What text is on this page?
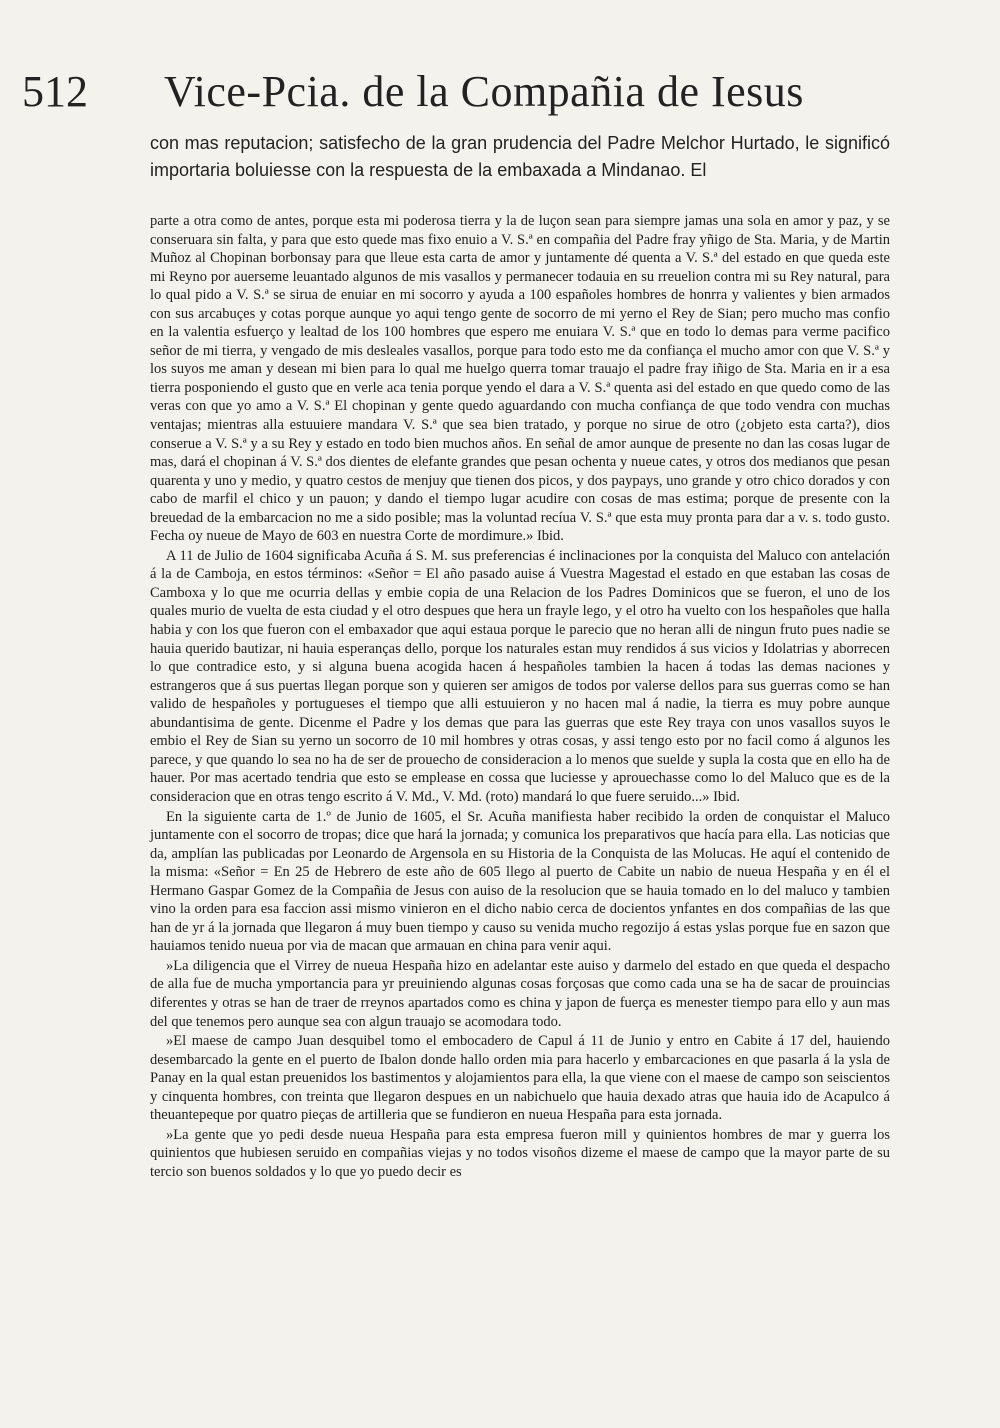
512 Vice-Pcia. de la Compañia de Iesus

con mas reputacion; satisfecho de la gran prudencia del Padre Melchor Hurtado, le significó importaria boluiesse con la respuesta de la embaxada a Mindanao. El

parte a otra como de antes, porque esta mi poderosa tierra y la de luçon sean para siempre jamas una sola en amor y paz, y se conseruara sin falta, y para que esto quede mas fixo enuio a V. S.ª en compañia del Padre fray yñigo de Sta. Maria, y de Martin Muñoz al Chopinan borbonsay para que lleue esta carta de amor y juntamente dé quenta a V. S.ª del estado en que queda este mi Reyno por auerseme leuantado algunos de mis vasallos y permanecer todauia en su rreuelion contra mi su Rey natural, para lo qual pido a V. S.ª se sirua de enuiar en mi socorro y ayuda a 100 españoles hombres de honrra y valientes y bien armados con sus arcabuçes y cotas porque aunque yo aqui tengo gente de socorro de mi yerno el Rey de Sian; pero mucho mas confio en la valentia esfuerço y lealtad de los 100 hombres que espero me enuiara V. S.ª que en todo lo demas para verme pacifico señor de mi tierra, y vengado de mis desleales vasallos, porque para todo esto me da confiança el mucho amor con que V. S.ª y los suyos me aman y desean mi bien para lo qual me huelgo querra tomar trauajo el padre fray iñigo de Sta. Maria en ir a esa tierra posponiendo el gusto que en verle aca tenia porque yendo el dara a V. S.ª quenta asi del estado en que quedo como de las veras con que yo amo a V. S.ª El chopinan y gente quedo aguardando con mucha confiança de que todo vendra con muchas ventajas; mientras alla estuuiere mandara V. S.ª que sea bien tratado, y porque no sirue de otro (¿objeto esta carta?), dios conserue a V. S.ª y a su Rey y estado en todo bien muchos años. En señal de amor aunque de presente no dan las cosas lugar de mas, dará el chopinan á V. S.ª dos dientes de elefante grandes que pesan ochenta y nueue cates, y otros dos medianos que pesan quarenta y uno y medio, y quatro cestos de menjuy que tienen dos picos, y dos paypays, uno grande y otro chico dorados y con cabo de marfil el chico y un pauon; y dando el tiempo lugar acudire con cosas de mas estima; porque de presente con la breuedad de la embarcacion no me a sido posible; mas la voluntad recíua V. S.ª que esta muy pronta para dar a v. s. todo gusto. Fecha oy nueue de Mayo de 603 en nuestra Corte de mordimure.» Ibid.

A 11 de Julio de 1604 significaba Acuña á S. M. sus preferencias é inclinaciones por la conquista del Maluco con antelación á la de Camboja, en estos términos: «Señor = El año pasado auise á Vuestra Magestad el estado en que estaban las cosas de Camboxa y lo que me ocurria dellas y embie copia de una Relacion de los Padres Dominicos que se fueron, el uno de los quales murio de vuelta de esta ciudad y el otro despues que hera un frayle lego, y el otro ha vuelto con los hespañoles que halla habia y con los que fueron con el embaxador que aqui estaua porque le parecio que no heran alli de ningun fruto pues nadie se hauia querido bautizar, ni hauia esperanças dello, porque los naturales estan muy rendidos á sus vicios y Idolatrias y aborrecen lo que contradice esto, y si alguna buena acogida hacen á hespañoles tambien la hacen á todas las demas naciones y estrangeros que á sus puertas llegan porque son y quieren ser amigos de todos por valerse dellos para sus guerras como se han valido de hespañoles y portugueses el tiempo que alli estuuieron y no hacen mal á nadie, la tierra es muy pobre aunque abundantisima de gente. Dicenme el Padre y los demas que para las guerras que este Rey traya con unos vasallos suyos le embio el Rey de Sian su yerno un socorro de 10 mil hombres y otras cosas, y assi tengo esto por no facil como á algunos les parece, y que quando lo sea no ha de ser de prouecho de consideracion a lo menos que suelde y supla la costa que en ello ha de hauer. Por mas acertado tendria que esto se emplease en cossa que luciesse y aprouechasse como lo del Maluco que es de la consideracion que en otras tengo escrito á V. Md., V. Md. (roto) mandará lo que fuere seruido...» Ibid.

En la siguiente carta de 1.º de Junio de 1605, el Sr. Acuña manifiesta haber recibido la orden de conquistar el Maluco juntamente con el socorro de tropas; dice que hará la jornada; y comunica los preparativos que hacía para ella. Las noticias que da, amplían las publicadas por Leonardo de Argensola en su Historia de la Conquista de las Molucas. He aquí el contenido de la misma: «Señor = En 25 de Hebrero de este año de 605 llego al puerto de Cabite un nabio de nueua Hespaña y en él el Hermano Gaspar Gomez de la Compañia de Jesus con auiso de la resolucion que se hauia tomado en lo del maluco y tambien vino la orden para esa faccion assi mismo vinieron en el dicho nabio cerca de docientos ynfantes en dos compañias de las que han de yr á la jornada que llegaron á muy buen tiempo y causo su venida mucho regozijo á estas yslas porque fue en sazon que hauiamos tenido nueua por via de macan que armauan en china para venir aqui.

»La diligencia que el Virrey de nueua Hespaña hizo en adelantar este auiso y darmelo del estado en que queda el despacho de alla fue de mucha ymportancia para yr preuiniendo algunas cosas forçosas que como cada una se ha de sacar de prouincias diferentes y otras se han de traer de rreynos apartados como es china y japon de fuerça es menester tiempo para ello y aun mas del que tenemos pero aunque sea con algun trauajo se acomodara todo.

»El maese de campo Juan desquibel tomo el embocadero de Capul á 11 de Junio y entro en Cabite á 17 del, hauiendo desembarcado la gente en el puerto de Ibalon donde hallo orden mia para hacerlo y embarcaciones en que pasarla á la ysla de Panay en la qual estan preuenidos los bastimentos y alojamientos para ella, la que viene con el maese de campo son seiscientos y cinquenta hombres, con treinta que llegaron despues en un nabichuelo que hauia dexado atras que hauia ido de Acapulco á theuantepeque por quatro pieças de artilleria que se fundieron en nueua Hespaña para esta jornada.

»La gente que yo pedi desde nueua Hespaña para esta empresa fueron mill y quinientos hombres de mar y guerra los quinientos que hubiesen seruido en compañias viejas y no todos visoños dizeme el maese de campo que la mayor parte de su tercio son buenos soldados y lo que yo puedo decir es
